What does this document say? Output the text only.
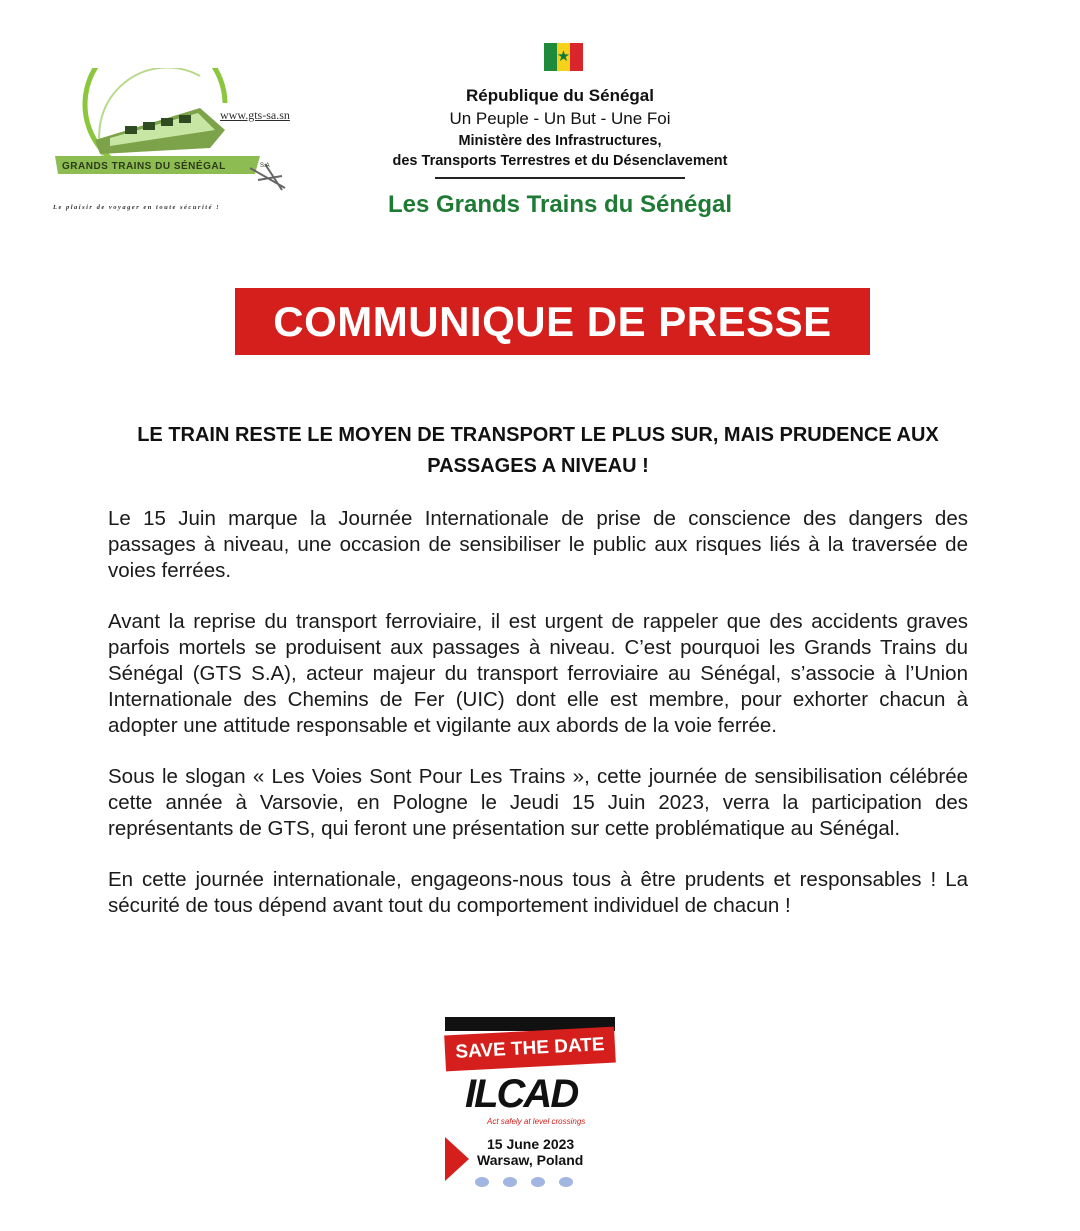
www.gts-sa.sn
GRANDS TRAINS DU SÉNÉGAL	S.A
Le plaisir de voyager en toute sécurité !
★
République du Sénégal
Un Peuple - Un But - Une Foi
Ministère des Infrastructures,
des Transports Terrestres et du Désenclavement
Les Grands Trains du Sénégal
COMMUNIQUE DE PRESSE
LE TRAIN RESTE LE MOYEN DE TRANSPORT LE PLUS SUR, MAIS PRUDENCE AUX
PASSAGES A NIVEAU !

Le 15 Juin marque la Journée Internationale de prise de conscience des dangers des passages à niveau, une occasion de sensibiliser le public aux risques liés à la traversée de voies ferrées.

Avant la reprise du transport ferroviaire, il est urgent de rappeler que des accidents graves parfois mortels se produisent aux passages à niveau. C’est pourquoi les Grands Trains du Sénégal (GTS S.A), acteur majeur du transport ferroviaire au Sénégal, s’associe à l’Union Internationale des Chemins de Fer (UIC) dont elle est membre, pour exhorter chacun à adopter une attitude responsable et vigilante aux abords de la voie ferrée.

Sous le slogan « Les Voies Sont Pour Les Trains », cette journée de sensibilisation célébrée cette année à Varsovie, en Pologne le Jeudi 15 Juin 2023, verra la participation des représentants de GTS, qui feront une présentation sur cette problématique au Sénégal.

En cette journée internationale, engageons-nous tous à être prudents et responsables ! La sécurité de tous dépend avant tout du comportement individuel de chacun !

SAVE THE DATE
ILCAD
Act safely at level crossings
15 June 2023
Warsaw, Poland
